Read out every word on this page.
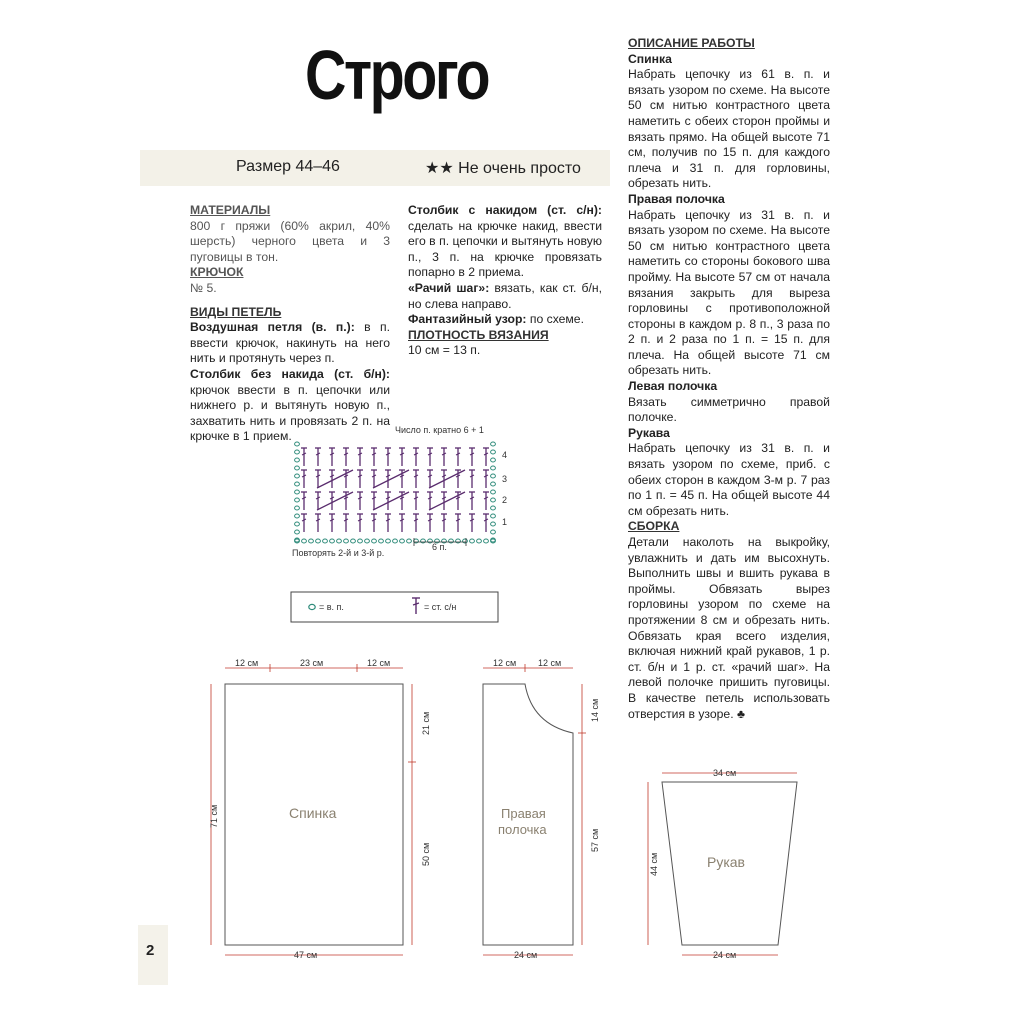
Строго
Размер 44–46	★★ Не очень просто

МАТЕРИАЛЫ

800 г пряжи (60% акрил, 40% шерсть) черного цвета и 3 пуговицы в тон.

КРЮЧОК

№ 5.

ВИДЫ ПЕТЕЛЬ

Воздушная петля (в. п.): в п. ввести крючок, накинуть на него нить и протянуть через п.

Столбик без накида (ст. б/н): крючок ввести в п. цепочки или нижнего р. и вытянуть новую п., захватить нить и провязать 2 п. на крючке в 1 прием.

Столбик с накидом (ст. с/н): сделать на крючке накид, ввести его в п. цепочки и вытянуть новую п., 3 п. на крючке провязать попарно в 2 приема.

«Рачий шаг»: вязать, как ст. б/н, но слева направо.

Фантазийный узор: по схеме.

ПЛОТНОСТЬ ВЯЗАНИЯ

10 см = 13 п.

ОПИСАНИЕ РАБОТЫ

Спинка

Набрать цепочку из 61 в. п. и вязать узором по схеме. На высоте 50 см нитью контрастного цвета наметить с обеих сторон проймы и вязать прямо. На общей высоте 71 см, получив по 15 п. для каждого плеча и 31 п. для горловины, обрезать нить.

Правая полочка

Набрать цепочку из 31 в. п. и вязать узором по схеме. На высоте 50 см нитью контрастного цвета наметить со стороны бокового шва пройму. На высоте 57 см от начала вязания закрыть для выреза горловины с противоположной стороны в каждом р. 8 п., 3 раза по 2 п. и 2 раза по 1 п. = 15 п. для плеча. На общей высоте 71 см обрезать нить.

Левая полочка

Вязать симметрично правой полочке.

Рукава

Набрать цепочку из 31 в. п. и вязать узором по схеме, приб. с обеих сторон в каждом 3-м р. 7 раз по 1 п. = 45 п. На общей высоте 44 см обрезать нить.

СБОРКА

Детали наколоть на выкройку, увлажнить и дать им высохнуть. Выполнить швы и вшить рукава в проймы. Обвязать вырез горловины узором по схеме на протяжении 8 см и обрезать нить. Обвязать края всего изделия, включая нижний край рукавов, 1 р. ст. б/н и 1 р. ст. «рачий шаг». На левой полочке пришить пуговицы. В качестве петель использовать отверстия в узоре. ♣

Число п. кратно 6 + 1
4
3
2
1
6 п.
Повторять 2-й и 3-й р.
= в. п.	= ст. с/н
12 см	23 см	12 см
47 см
71 см
21 см
50 см
Спинка
12 см 12 см
24 см
14 см
57 см
Правая
полочка
34 см
24 см
44 см	Рукав
2
